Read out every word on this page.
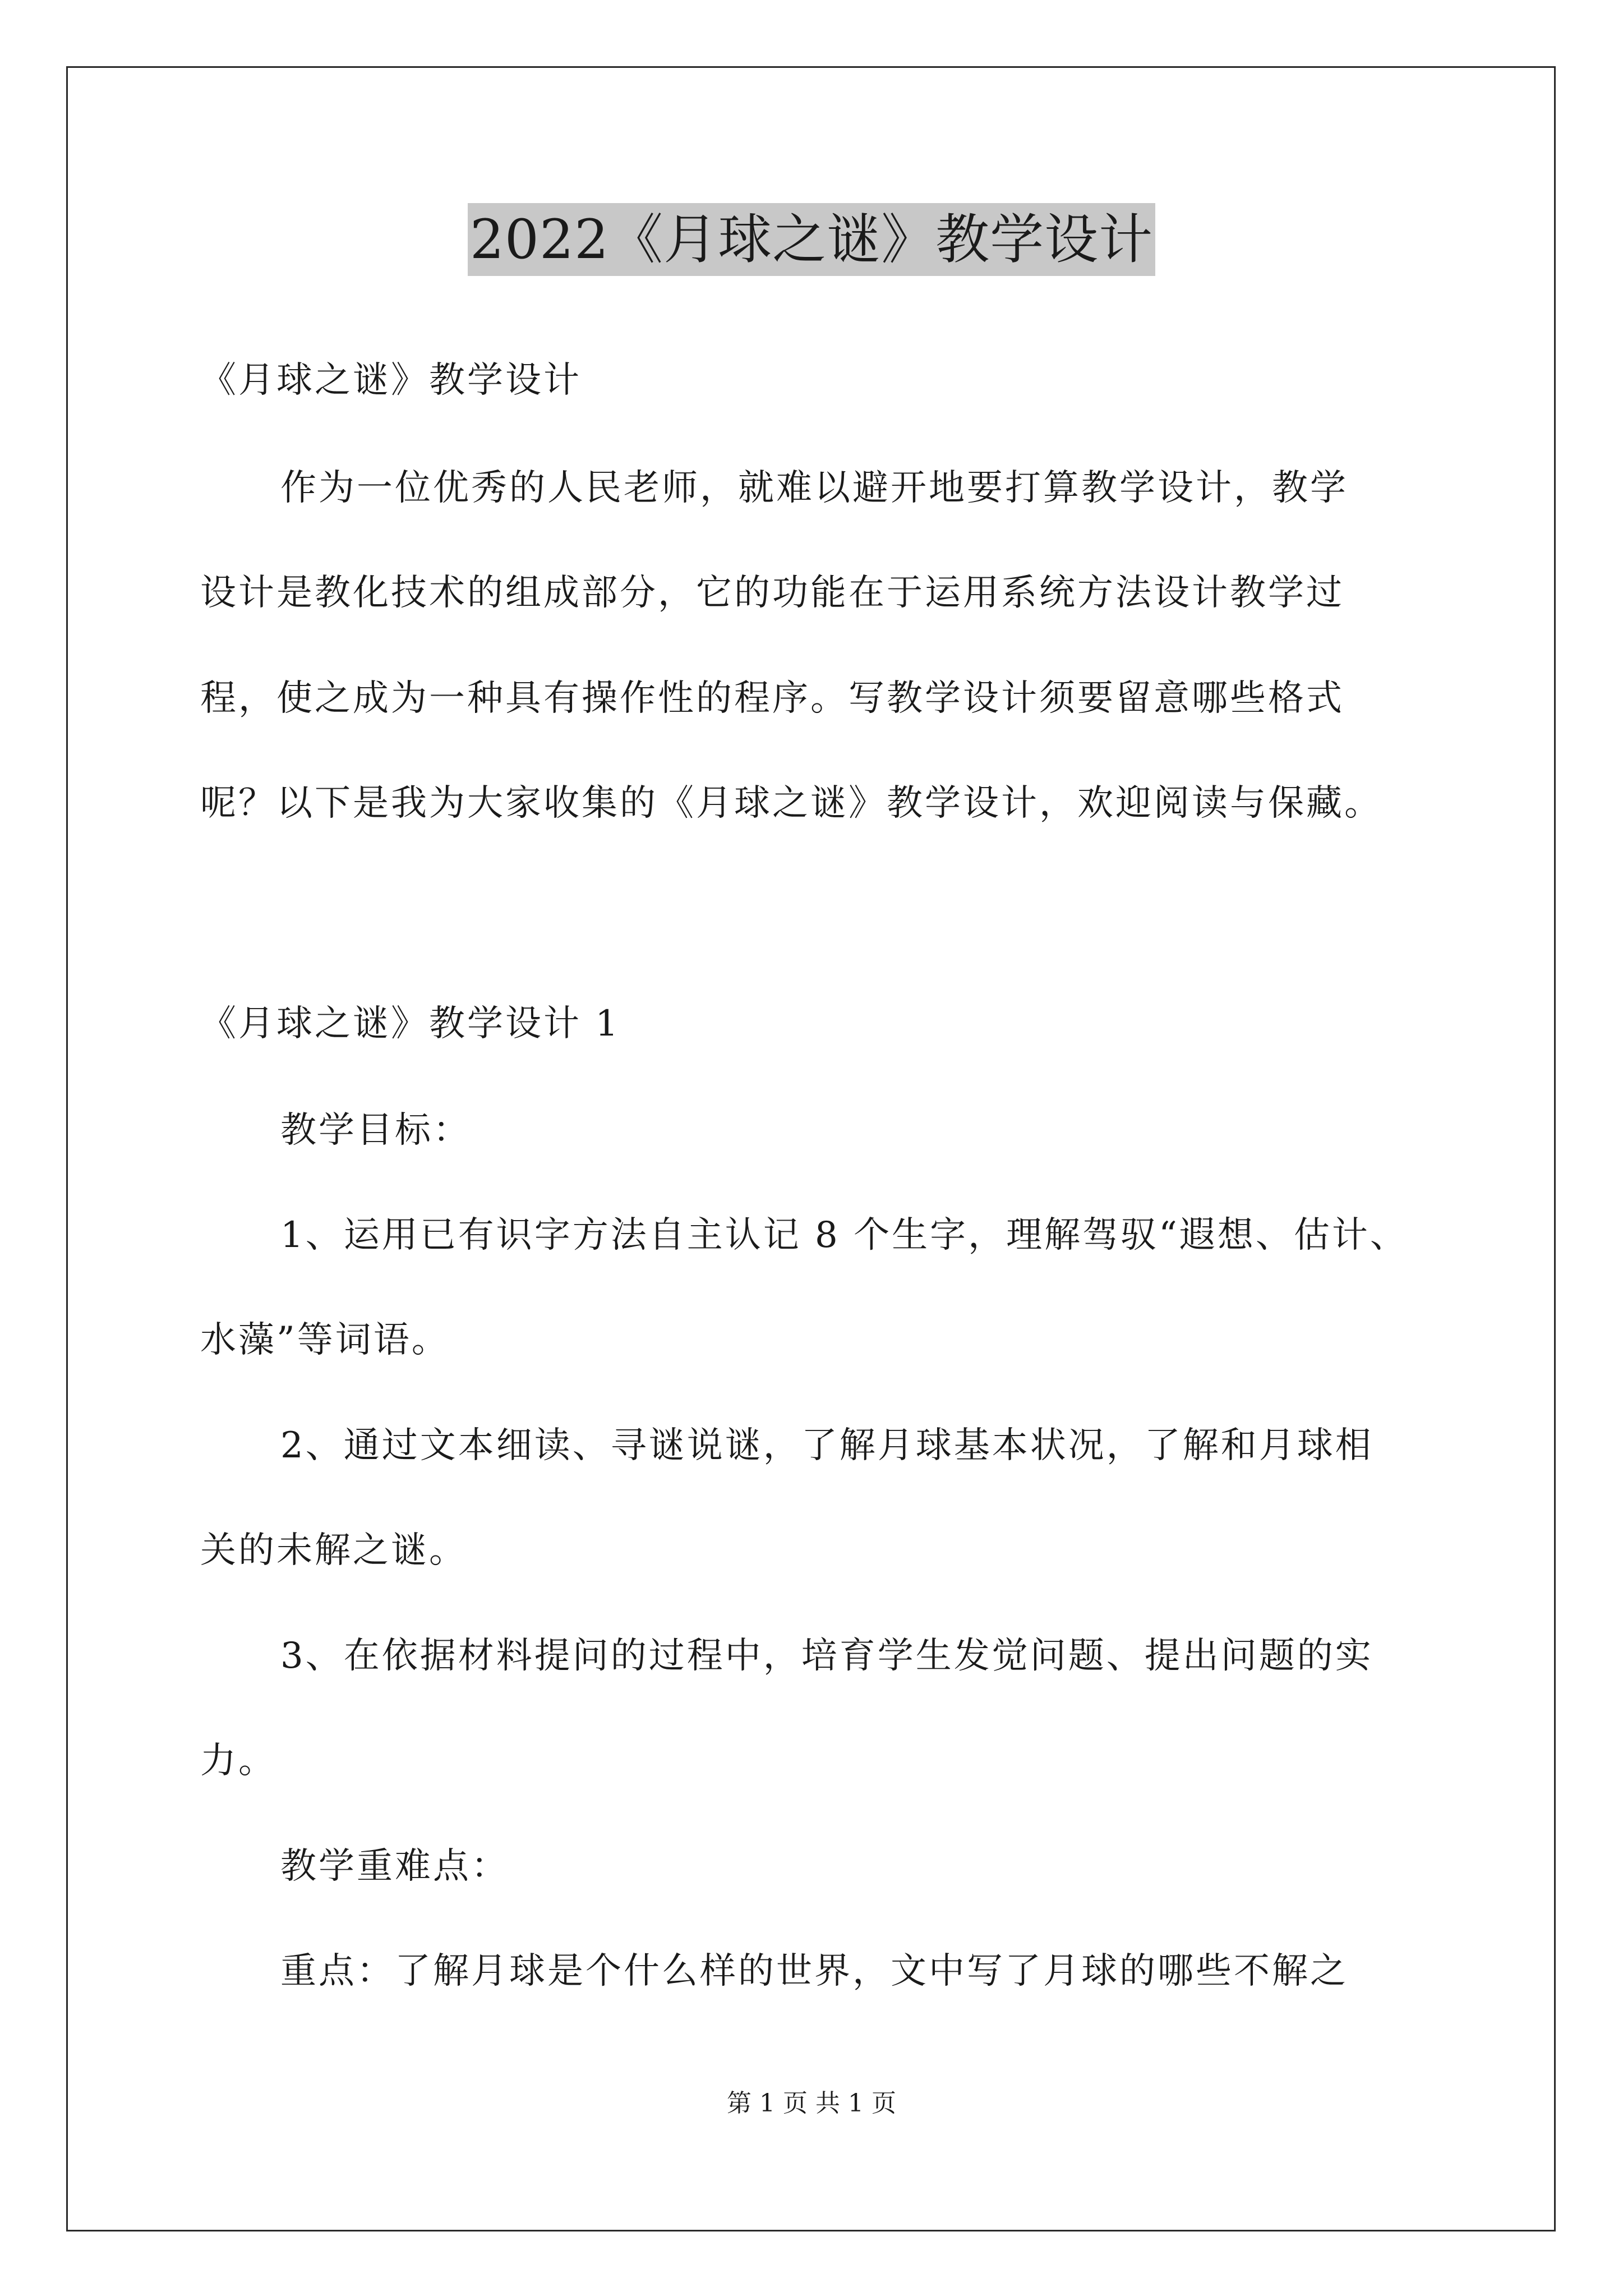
2022《月球之谜》教学设计
《月球之谜》教学设计
作为一位优秀的人民老师，就难以避开地要打算教学设计，教学
设计是教化技术的组成部分，它的功能在于运用系统方法设计教学过
程，使之成为一种具有操作性的程序。写教学设计须要留意哪些格式
呢？以下是我为大家收集的《月球之谜》教学设计，欢迎阅读与保藏。
《月球之谜》教学设计 1
教学目标：
1、运用已有识字方法自主认记 8 个生字，理解驾驭“遐想、估计、
水藻”等词语。
2、通过文本细读、寻谜说谜，了解月球基本状况，了解和月球相
关的未解之谜。
3、在依据材料提问的过程中，培育学生发觉问题、提出问题的实
力。
教学重难点：
重点：了解月球是个什么样的世界，文中写了月球的哪些不解之
第 1 页 共 1 页
